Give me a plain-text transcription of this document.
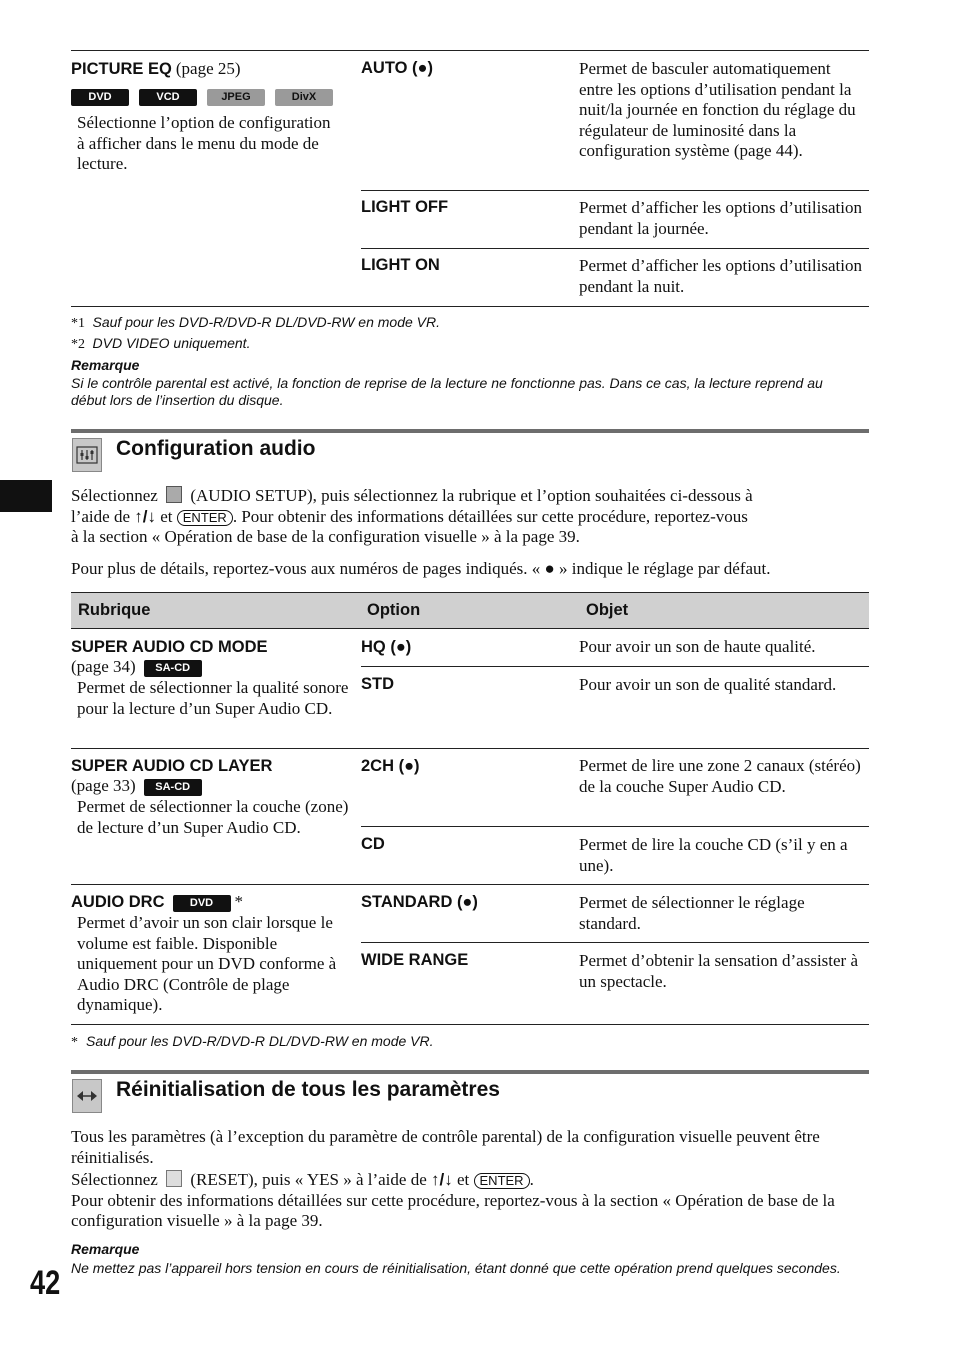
PICTURE EQ (page 25)
DVD	VCD	JPEG	DivX
Sélectionne l’option de configuration à afficher dans le menu du mode de lecture.
AUTO (●)	Permet de basculer automatiquement entre les options d’utilisation pendant la nuit/la journée en fonction du réglage du régulateur de luminosité dans la configuration système (page 44).
LIGHT OFF	Permet d’afficher les options d’utilisation pendant la journée.
LIGHT ON	Permet d’afficher les options d’utilisation pendant la nuit.
*1 Sauf pour les DVD-R/DVD-R DL/DVD-RW en mode VR.
*2 DVD VIDEO uniquement.
Remarque
Si le contrôle parental est activé, la fonction de reprise de la lecture ne fonctionne pas. Dans ce cas, la lecture reprend au début lors de l’insertion du disque.
Configuration audio
Sélectionnez (AUDIO SETUP), puis sélectionnez la rubrique et l’option souhaitées ci-dessous à
l’aide de ↑/↓ et ENTER . Pour obtenir des informations détaillées sur cette procédure, reportez-vous
à la section « Opération de base de la configuration visuelle » à la page 39.
Pour plus de détails, reportez-vous aux numéros de pages indiqués. « ● » indique le réglage par défaut.
Rubrique	Option	Objet
SUPER AUDIO CD MODE
(page 34) SA-CD
Permet de sélectionner la qualité sonore pour la lecture d’un Super Audio CD.
HQ (●)	Pour avoir un son de haute qualité.
STD	Pour avoir un son de qualité standard.
SUPER AUDIO CD LAYER
(page 33) SA-CD
Permet de sélectionner la couche (zone) de lecture d’un Super Audio CD.
2CH (●)	Permet de lire une zone 2 canaux (stéréo) de la couche Super Audio CD.
CD	Permet de lire la couche CD (s’il y en a une).
AUDIO DRC DVD *
Permet d’avoir un son clair lorsque le volume est faible. Disponible uniquement pour un DVD conforme à Audio DRC (Contrôle de plage dynamique).
STANDARD (●)	Permet de sélectionner le réglage standard.
WIDE RANGE	Permet d’obtenir la sensation d’assister à un spectacle.
* Sauf pour les DVD-R/DVD-R DL/DVD-RW en mode VR.
Réinitialisation de tous les paramètres
Tous les paramètres (à l’exception du paramètre de contrôle parental) de la configuration visuelle peuvent être réinitialisés.
Sélectionnez (RESET), puis « YES » à l’aide de ↑/↓ et ENTER .
Pour obtenir des informations détaillées sur cette procédure, reportez-vous à la section « Opération de base de la configuration visuelle » à la page 39.
Remarque
Ne mettez pas l’appareil hors tension en cours de réinitialisation, étant donné que cette opération prend quelques secondes.
42
